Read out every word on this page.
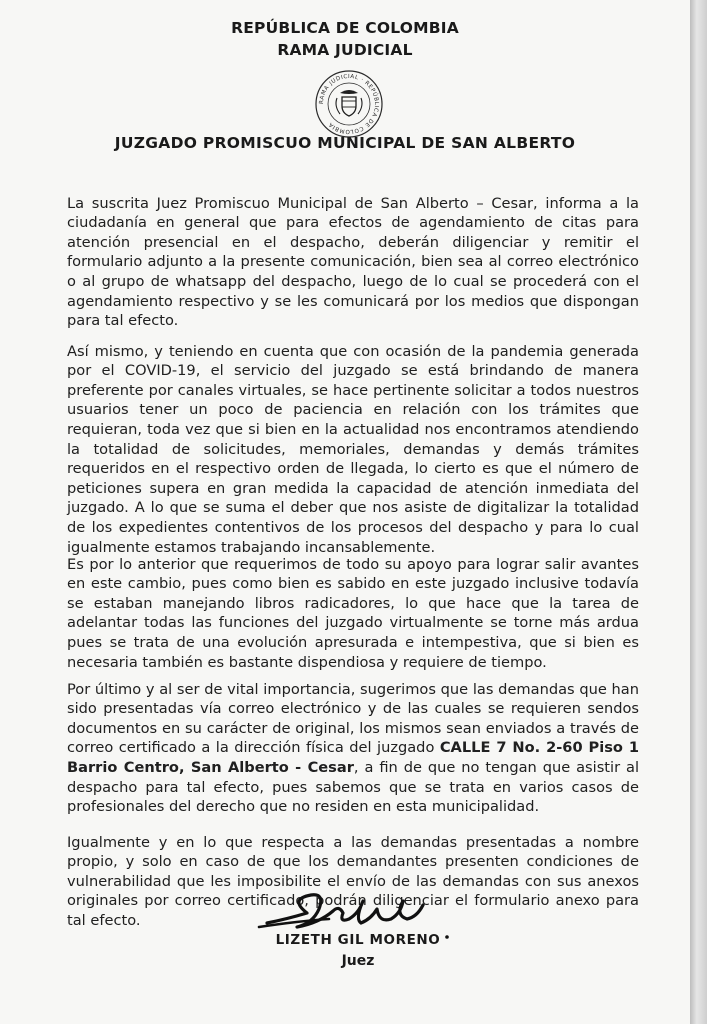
REPÚBLICA DE COLOMBIA
RAMA JUDICIAL
RAMA JUDICIAL · REPÚBLICA DE COLOMBIA
JUZGADO PROMISCUO MUNICIPAL DE SAN ALBERTO

La suscrita Juez Promiscuo Municipal de San Alberto – Cesar, informa a la ciudadanía en general que para efectos de agendamiento de citas para atención presencial en el despacho, deberán diligenciar y remitir el formulario adjunto a la presente comunicación, bien sea al correo electrónico o al grupo de whatsapp del despacho, luego de lo cual se procederá con el agendamiento respectivo y se les comunicará por los medios que dispongan para tal efecto.

Así mismo, y teniendo en cuenta que con ocasión de la pandemia generada por el COVID-19, el servicio del juzgado se está brindando de manera preferente por canales virtuales, se hace pertinente solicitar a todos nuestros usuarios tener un poco de paciencia en relación con los trámites que requieran, toda vez que si bien en la actualidad nos encontramos atendiendo la totalidad de solicitudes, memoriales, demandas y demás trámites requeridos en el respectivo orden de llegada, lo cierto es que el número de peticiones supera en gran medida la capacidad de atención inmediata del juzgado. A lo que se suma el deber que nos asiste de digitalizar la totalidad de los expedientes contentivos de los procesos del despacho y para lo cual igualmente estamos trabajando incansablemente.

Es por lo anterior que requerimos de todo su apoyo para lograr salir avantes en este cambio, pues como bien es sabido en este juzgado inclusive todavía se estaban manejando libros radicadores, lo que hace que la tarea de adelantar todas las funciones del juzgado virtualmente se torne más ardua pues se trata de una evolución apresurada e intempestiva, que si bien es necesaria también es bastante dispendiosa y requiere de tiempo.

Por último y al ser de vital importancia, sugerimos que las demandas que han sido presentadas vía correo electrónico y de las cuales se requieren sendos documentos en su carácter de original, los mismos sean enviados a través de correo certificado a la dirección física del juzgado CALLE 7 No. 2-60 Piso 1 Barrio Centro, San Alberto - Cesar, a fin de que no tengan que asistir al despacho para tal efecto, pues sabemos que se trata en varios casos de profesionales del derecho que no residen en esta municipalidad.

Igualmente y en lo que respecta a las demandas presentadas a nombre propio, y solo en caso de que los demandantes presenten condiciones de vulnerabilidad que les imposibilite el envío de las demandas con sus anexos originales por correo certificado, podrán diligenciar el formulario anexo para tal efecto.

LIZETH GIL MORENO
Juez
